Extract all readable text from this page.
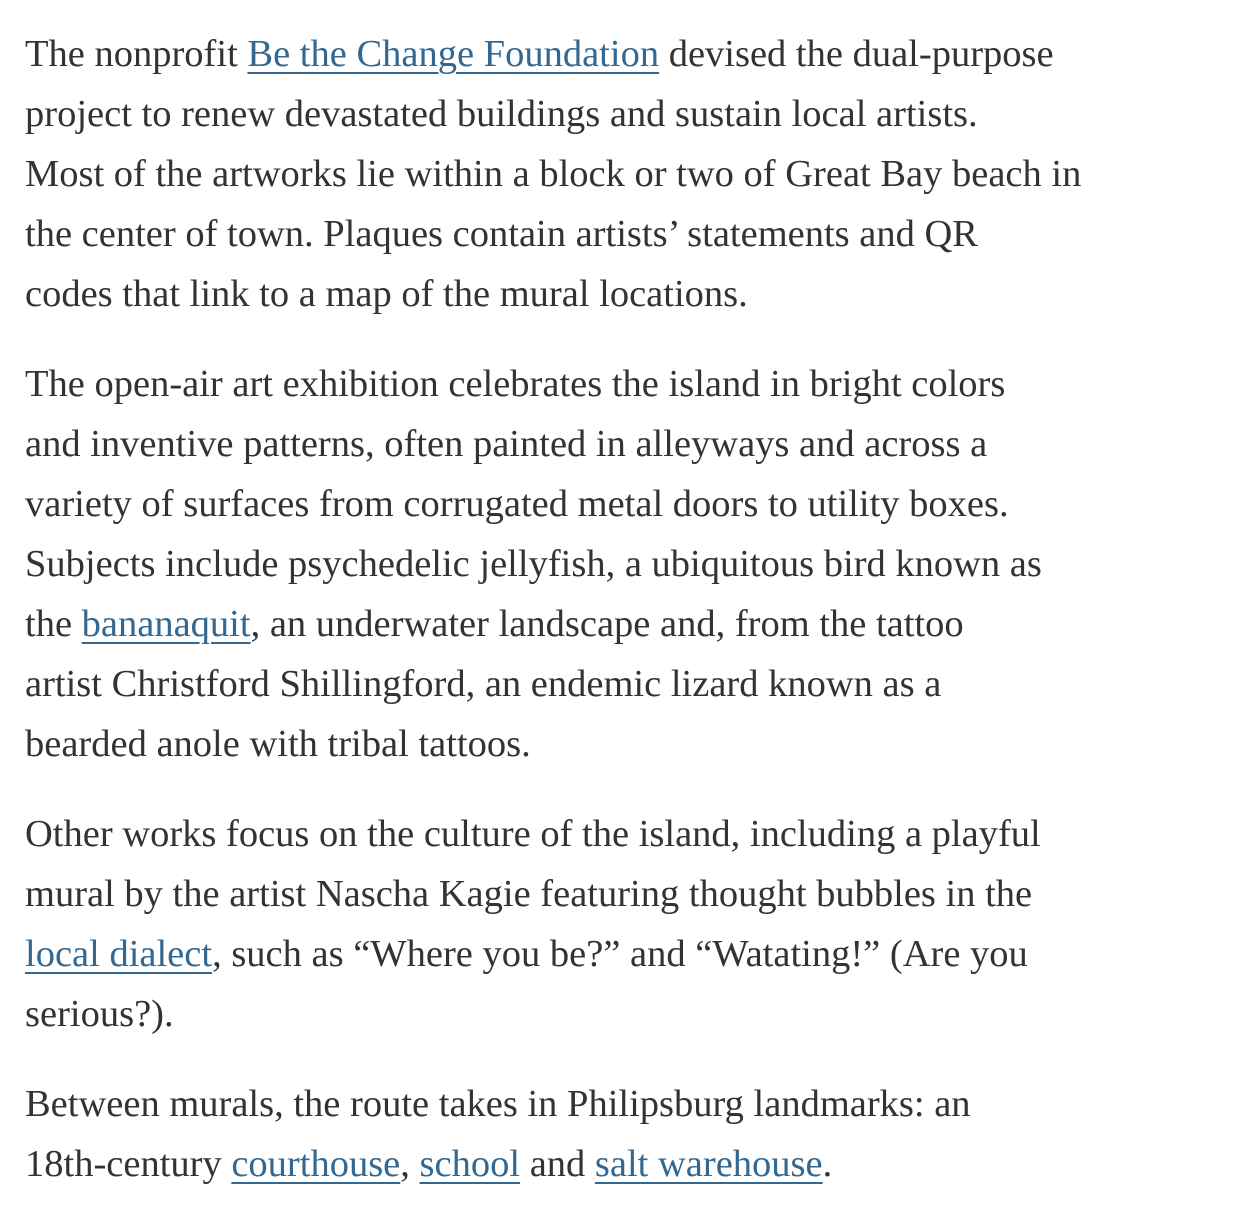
The nonprofit Be the Change Foundation devised the dual-purpose
project to renew devastated buildings and sustain local artists.
Most of the artworks lie within a block or two of Great Bay beach in
the center of town. Plaques contain artists’ statements and QR
codes that link to a map of the mural locations.

The open-air art exhibition celebrates the island in bright colors
and inventive patterns, often painted in alleyways and across a
variety of surfaces from corrugated metal doors to utility boxes.
Subjects include psychedelic jellyfish, a ubiquitous bird known as
the bananaquit, an underwater landscape and, from the tattoo
artist Christford Shillingford, an endemic lizard known as a
bearded anole with tribal tattoos.

Other works focus on the culture of the island, including a playful
mural by the artist Nascha Kagie featuring thought bubbles in the
local dialect, such as “Where you be?” and “Watating!” (Are you
serious?).

Between murals, the route takes in Philipsburg landmarks: an
18th-century courthouse, school and salt warehouse.
